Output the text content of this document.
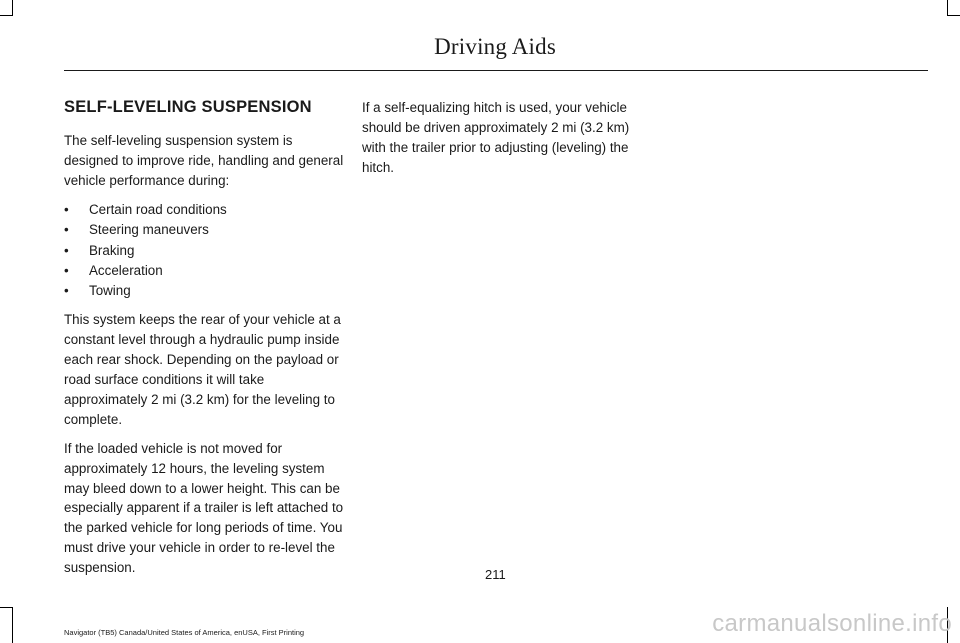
Driving Aids
SELF-LEVELING SUSPENSION

The self-leveling suspension system is designed to improve ride, handling and general vehicle performance during:

• Certain road conditions
• Steering maneuvers
• Braking
• Acceleration
• Towing

This system keeps the rear of your vehicle at a constant level through a hydraulic pump inside each rear shock. Depending on the payload or road surface conditions it will take approximately 2 mi (3.2 km) for the leveling to complete.

If the loaded vehicle is not moved for approximately 12 hours, the leveling system may bleed down to a lower height. This can be especially apparent if a trailer is left attached to the parked vehicle for long periods of time. You must drive your vehicle in order to re-level the suspension.

If a self-equalizing hitch is used, your vehicle should be driven approximately 2 mi (3.2 km) with the trailer prior to adjusting (leveling) the hitch.

211
Navigator (TB5) Canada/United States of America, enUSA, First Printing	carmanualsonline.info
